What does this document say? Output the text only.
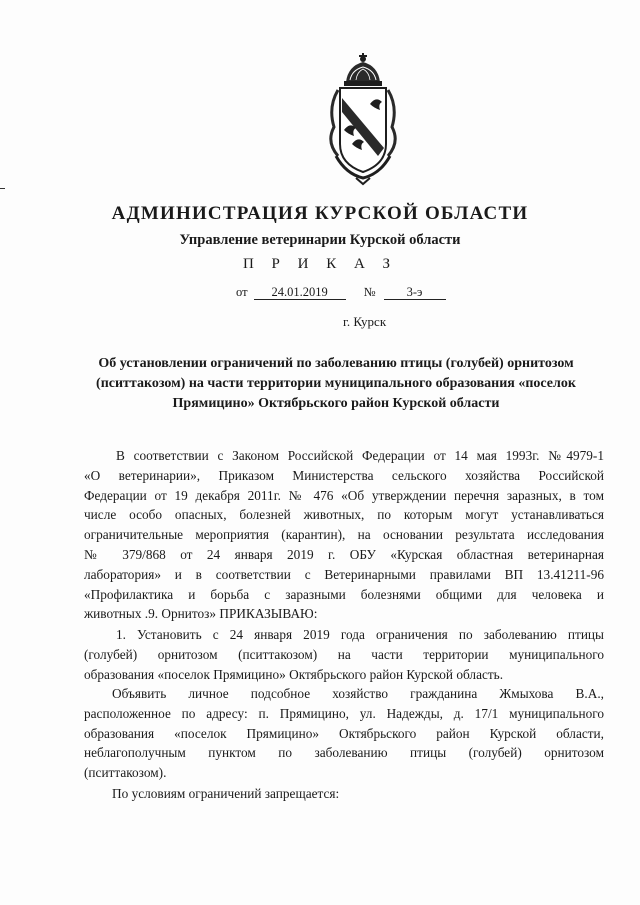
АДМИНИСТРАЦИЯ КУРСКОЙ ОБЛАСТИ
Управление ветеринарии Курской области
П Р И К А З
от 24.01.2019	№ 3-э
г. Курск
Об установлении ограничений по заболеванию птицы (голубей) орнитозом
(пситтакозом) на части территории муниципального образования «поселок
Прямицино» Октябрьского район Курской области
В соответствии с Законом Российской Федерации от 14 мая 1993г. №4979-1
«О ветеринарии», Приказом Министерства сельского хозяйства Российской
Федерации от 19 декабря 2011г. № 476 «Об утверждении перечня заразных, в том
числе особо опасных, болезней животных, по которым могут устанавливаться
ограничительные мероприятия (карантин), на основании результата исследования
№ 379/868 от 24 января 2019 г. ОБУ «Курская областная ветеринарная
лаборатория» и в соответствии с Ветеринарными правилами ВП 13.41211-96
«Профилактика и борьба с заразными болезнями общими для человека и
животных .9. Орнитоз» ПРИКАЗЫВАЮ:
1. Установить с 24 января 2019 года ограничения по заболеванию птицы
(голубей) орнитозом (пситтакозом) на части территории муниципального
образования «поселок Прямицино» Октябрьского район Курской область.
Объявить личное подсобное хозяйство гражданина Жмыхова В.А.,
расположенное по адресу: п. Прямицино, ул. Надежды, д. 17/1 муниципального
образования «поселок Прямицино» Октябрьского район Курской области,
неблагополучным пунктом по заболеванию птицы (голубей) орнитозом
(пситтакозом).
По условиям ограничений запрещается:
